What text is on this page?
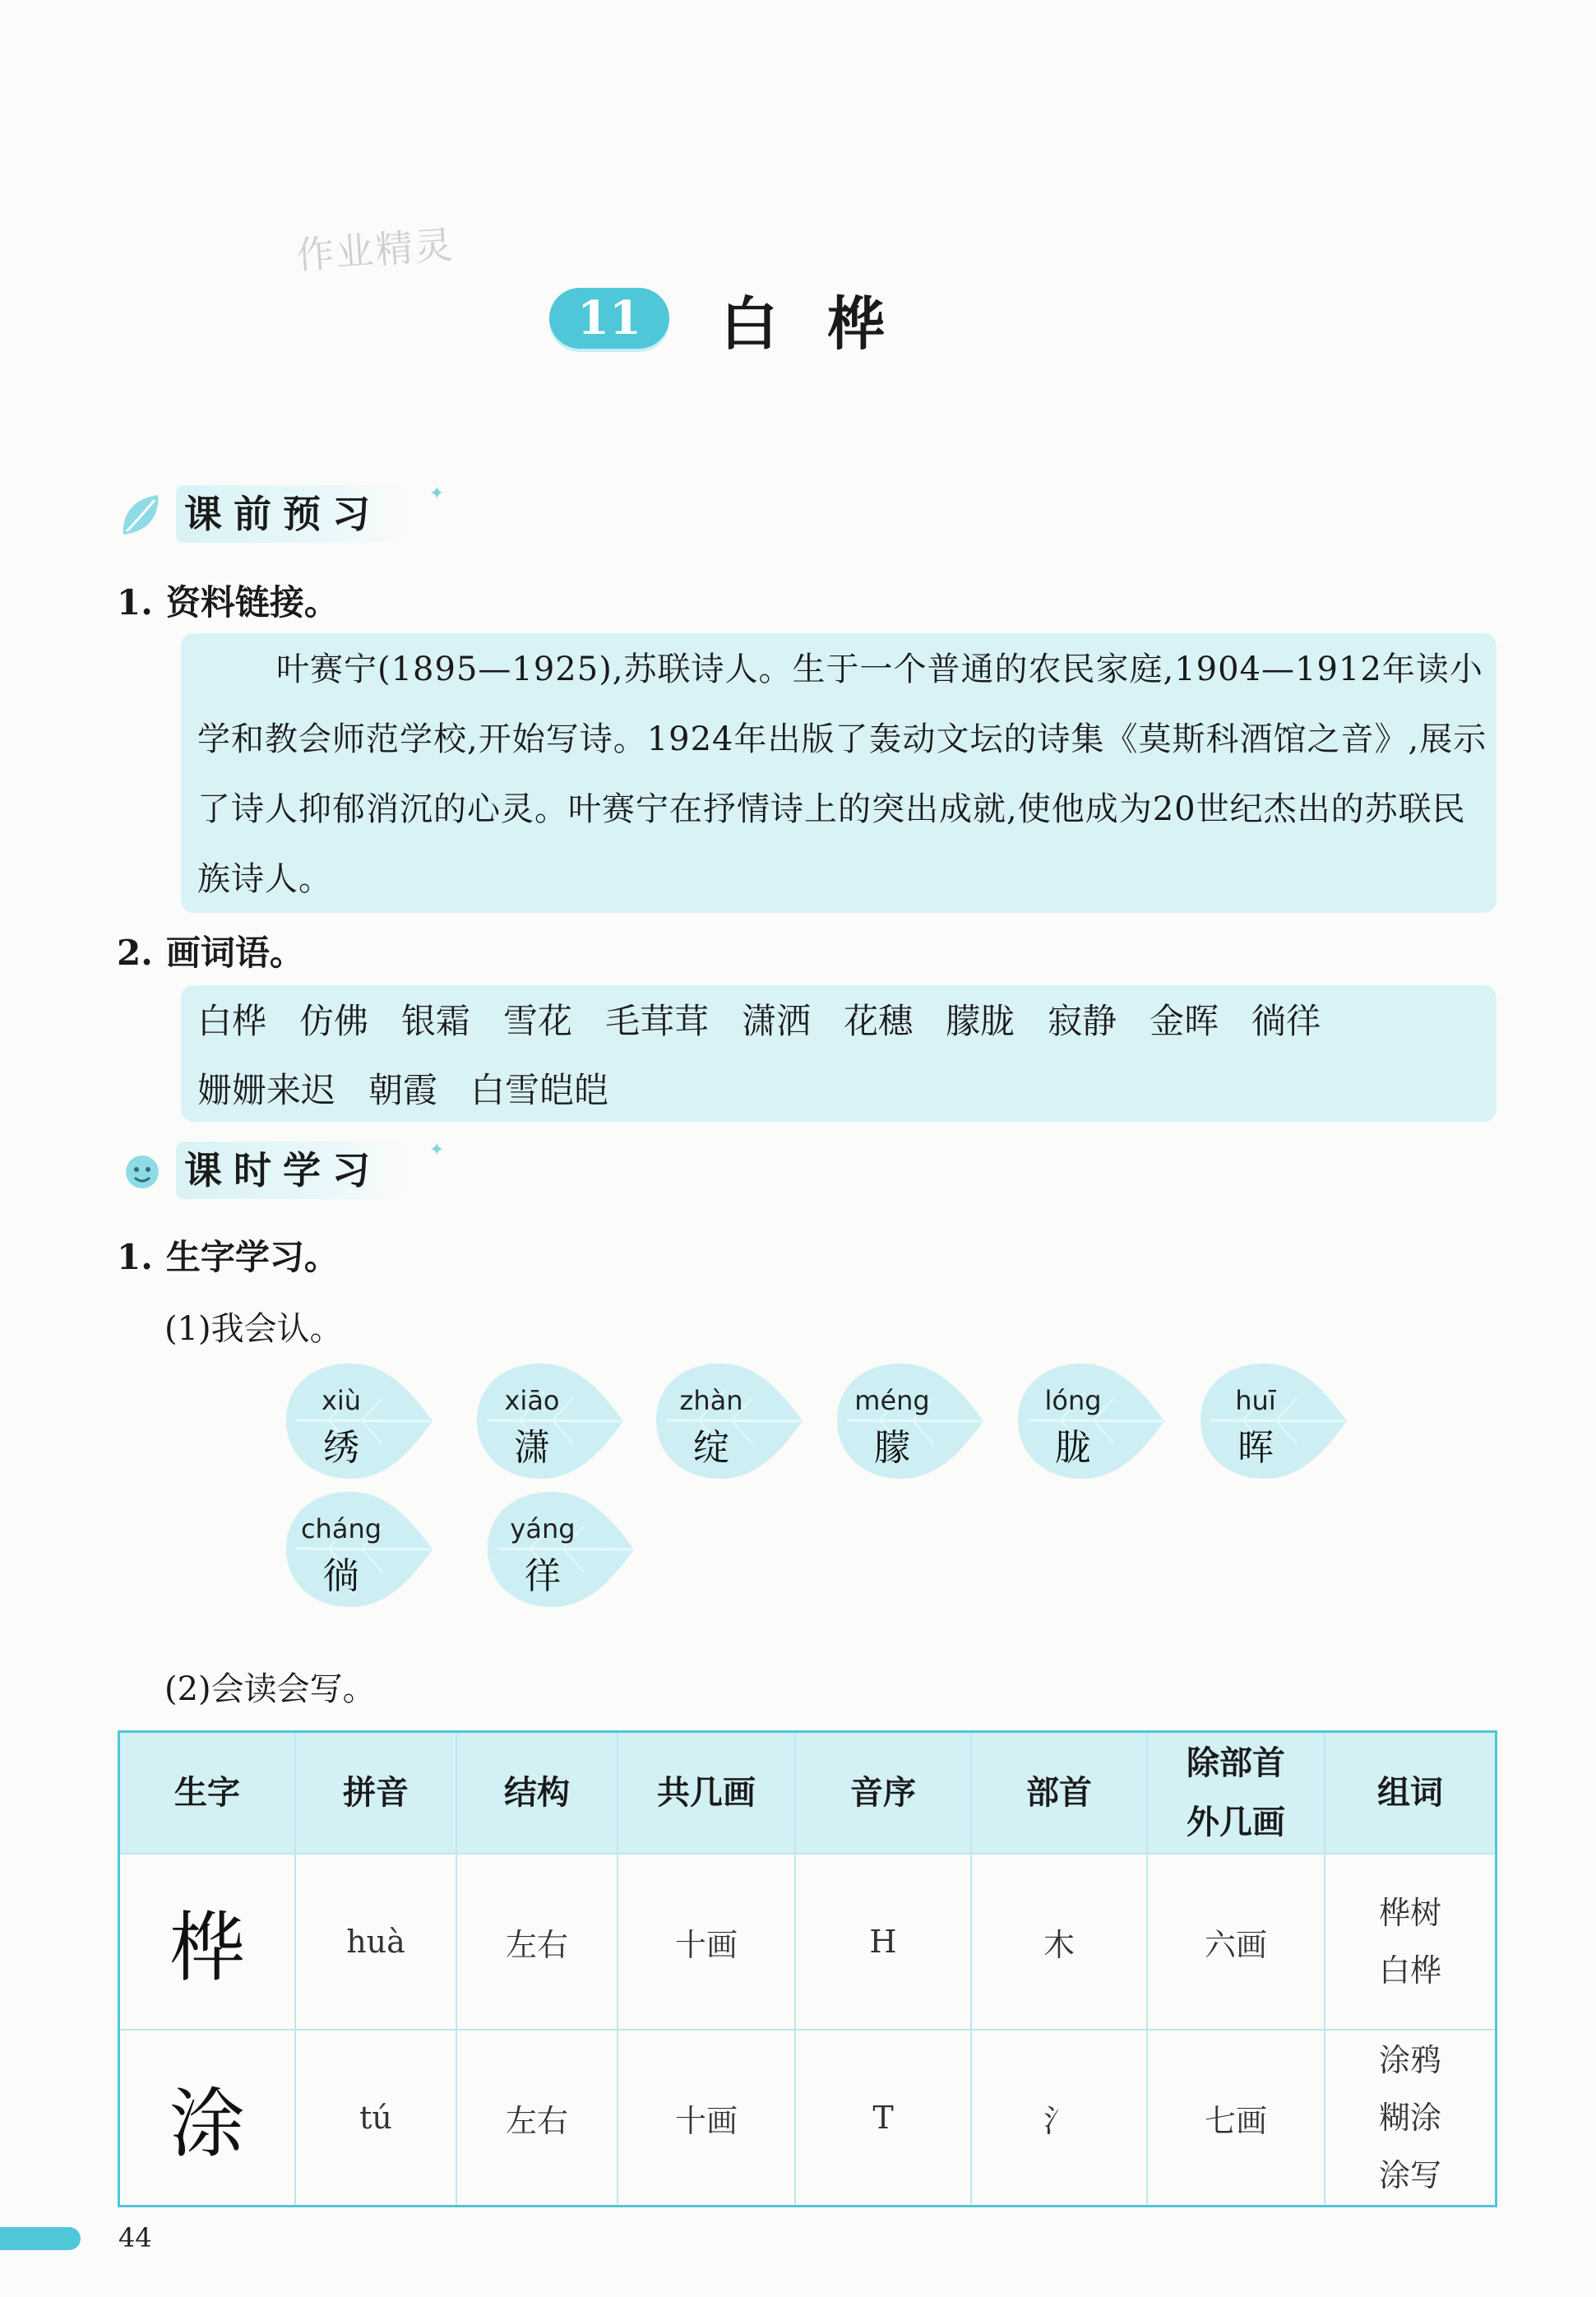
作业精灵
11	白桦
课前预习	✦
1. 资料链接。
叶赛宁(1895—1925),苏联诗人。生于一个普通的农民家庭,1904—1912年读小学和教会师范学校,开始写诗。1924年出版了轰动文坛的诗集《莫斯科酒馆之音》,展示了诗人抑郁消沉的心灵。叶赛宁在抒情诗上的突出成就,使他成为20世纪杰出的苏联民族诗人。
2. 画词语。
白桦 仿佛 银霜 雪花 毛茸茸 潇洒 花穗 朦胧 寂静 金晖 徜徉姗姗来迟 朝霞 白雪皑皑
课时学习	✦
1. 生字学习。
(1)我会认。
xiù
绣
xiāo
潇
zhàn
绽
méng
朦
lóng
胧
huī
晖
cháng
徜
yáng
徉
(2)会读会写。
生字	拼音	结构	共几画	音序	部首	除部首
外几画	组词
桦	huà	左右	十画	H	木	六画	桦树
白桦

涂	tú	左右	十画	T	氵	七画	涂鸦
糊涂
涂写
44
